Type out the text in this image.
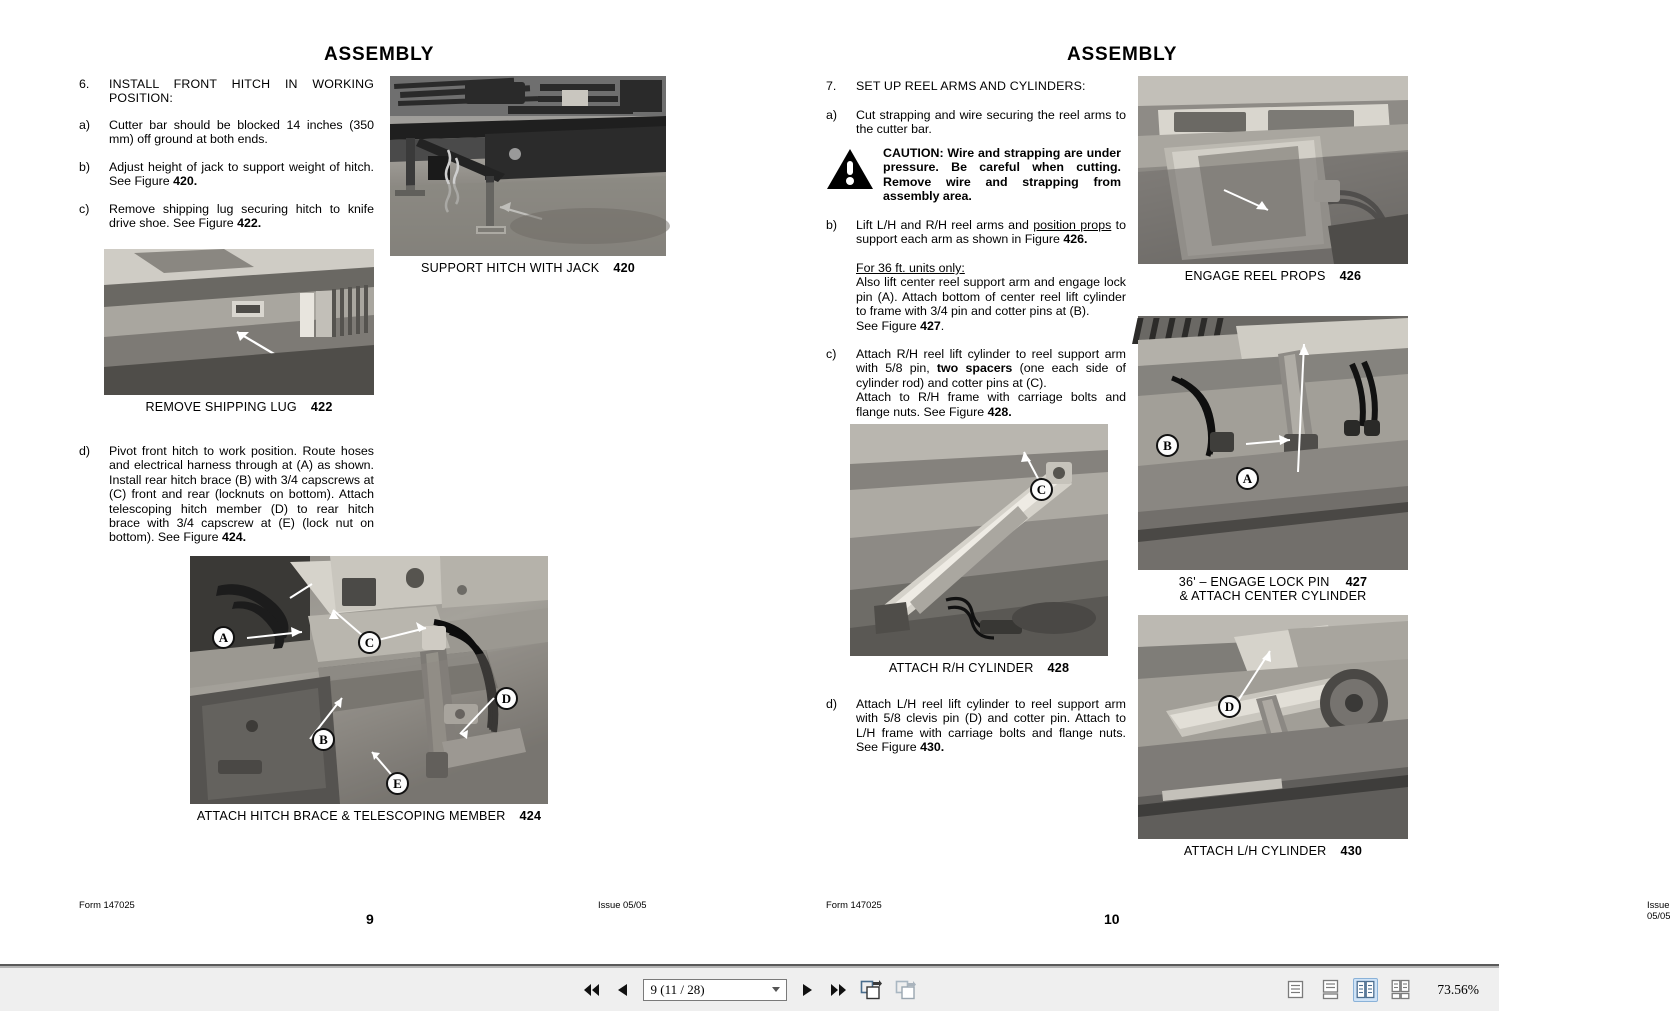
ASSEMBLY
6.	INSTALL FRONT HITCH IN WORKING POSITION:
a)	Cutter bar should be blocked 14 inches (350 mm) off ground at both ends.
b)	Adjust height of jack to support weight of hitch. See Figure 420.
c)	Remove shipping lug securing hitch to knife drive shoe. See Figure 422.
SUPPORT HITCH WITH JACK 420
REMOVE SHIPPING LUG 422
d)	Pivot front hitch to work position. Route hoses and electrical harness through at (A) as shown. Install rear hitch brace (B) with 3/4 capscrews at (C) front and rear (locknuts on bottom). Attach telescoping hitch member (D) to rear hitch brace with 3/4 capscrew at (E) (lock nut on bottom). See Figure 424.
A
B
C
D
E
ATTACH HITCH BRACE & TELESCOPING MEMBER 424
Form 147025	Issue 05/05
9
ASSEMBLY
7.	SET UP REEL ARMS AND CYLINDERS:
a)	Cut strapping and wire securing the reel arms to the cutter bar.
CAUTION: Wire and strapping are under pressure. Be careful when cutting. Remove wire and strapping from assembly area.
b)	Lift L/H and R/H reel arms and position props to support each arm as shown in Figure 426.
For 36 ft. units only:
Also lift center reel support arm and engage lock pin (A). Attach bottom of center reel lift cylinder to frame with 3/4 pin and cotter pins at (B).
See Figure 427.
c)	Attach R/H reel lift cylinder to reel support arm with 5/8 pin, two spacers (one each side of cylinder rod) and cotter pins at (C).
Attach to R/H frame with carriage bolts and flange nuts. See Figure 428.
C
ATTACH R/H CYLINDER 428
d)	Attach L/H reel lift cylinder to reel support arm with 5/8 clevis pin (D) and cotter pin. Attach to L/H frame with carriage bolts and flange nuts. See Figure 430.
ENGAGE REEL PROPS 426
B
A
36' – ENGAGE LOCK PIN 427
& ATTACH CENTER CYLINDER
D
ATTACH L/H CYLINDER 430
Form 147025	Issue 05/05
10
9 (11 / 28)	73.56%
